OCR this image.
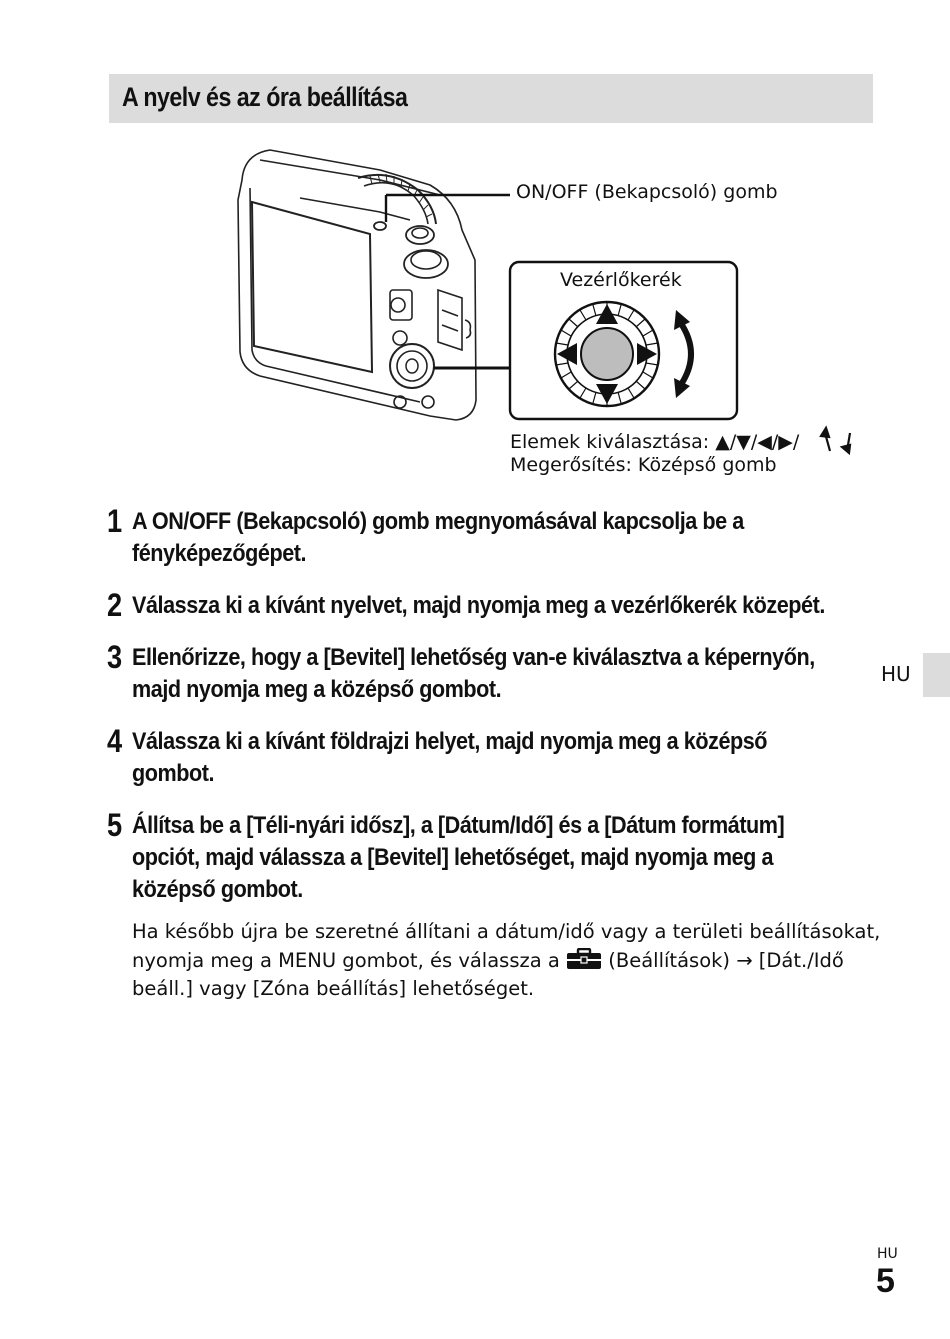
A nyelv és az óra beállítása
ON/OFF (Bekapcsoló) gomb
Vezérlőkerék
Elemek kiválasztása: ▲/▼/◀/▶/
Megerősítés: Középső gomb
1 A ON/OFF (Bekapcsoló) gomb megnyomásával kapcsolja be a
fényképezőgépet.
2 Válassza ki a kívánt nyelvet, majd nyomja meg a vezérlőkerék közepét.
3 Ellenőrizze, hogy a [Bevitel] lehetőség van-e kiválasztva a képernyőn,
majd nyomja meg a középső gombot.
4 Válassza ki a kívánt földrajzi helyet, majd nyomja meg a középső
gombot.
5 Állítsa be a [Téli-nyári idősz], a [Dátum/Idő] és a [Dátum formátum]
opciót, majd válassza a [Bevitel] lehetőséget, majd nyomja meg a
középső gombot.
Ha később újra be szeretné állítani a dátum/idő vagy a területi beállításokat, nyomja meg a MENU gombot, és válassza a (Beállítások) → [Dát./Idő beáll.] vagy [Zóna beállítás] lehetőséget.
HU
HU
5
